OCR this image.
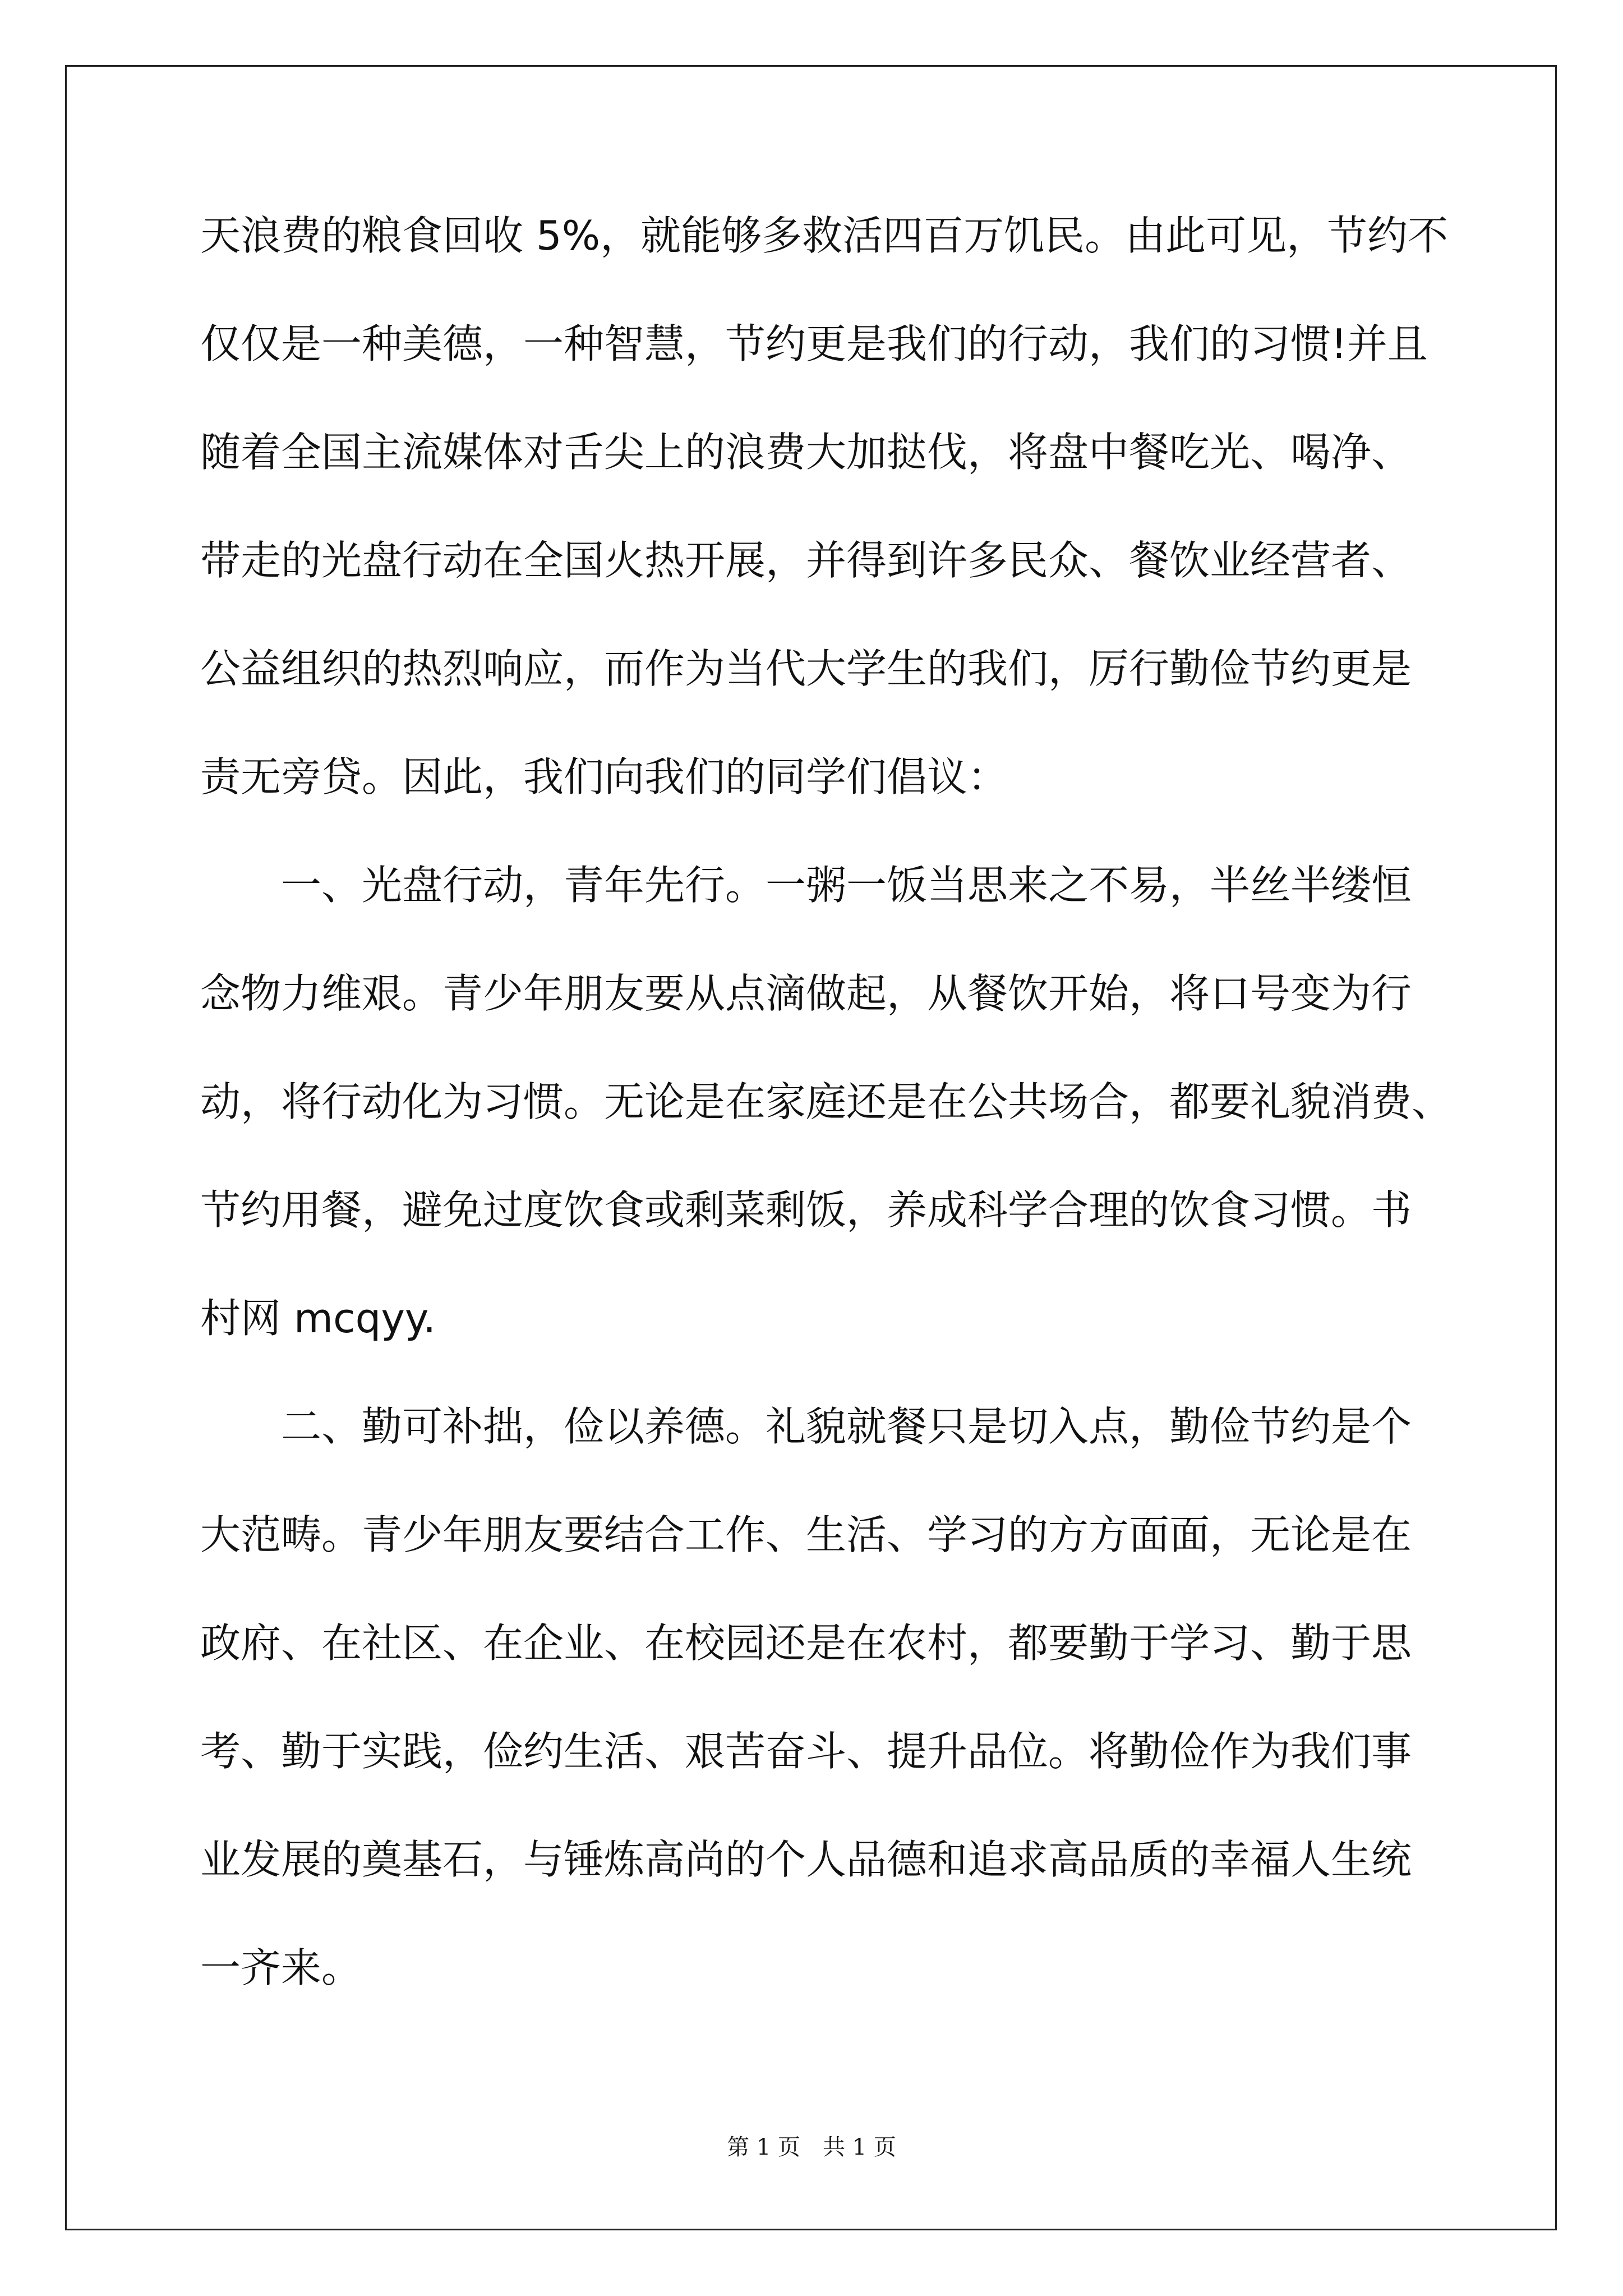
天浪费的粮食回收 5%，就能够多救活四百万饥民。由此可见，节约不
仅仅是一种美德，一种智慧，节约更是我们的行动，我们的习惯!并且
随着全国主流媒体对舌尖上的浪费大加挞伐，将盘中餐吃光、喝净、
带走的光盘行动在全国火热开展，并得到许多民众、餐饮业经营者、
公益组织的热烈响应，而作为当代大学生的我们，厉行勤俭节约更是
责无旁贷。因此，我们向我们的同学们倡议：
　　一、光盘行动，青年先行。一粥一饭当思来之不易，半丝半缕恒
念物力维艰。青少年朋友要从点滴做起，从餐饮开始，将口号变为行
动，将行动化为习惯。无论是在家庭还是在公共场合，都要礼貌消费、
节约用餐，避免过度饮食或剩菜剩饭，养成科学合理的饮食习惯。书
村网 mcqyy.
　　二、勤可补拙，俭以养德。礼貌就餐只是切入点，勤俭节约是个
大范畴。青少年朋友要结合工作、生活、学习的方方面面，无论是在
政府、在社区、在企业、在校园还是在农村，都要勤于学习、勤于思
考、勤于实践，俭约生活、艰苦奋斗、提升品位。将勤俭作为我们事
业发展的奠基石，与锤炼高尚的个人品德和追求高品质的幸福人生统
一齐来。
第 1 页　共 1 页
